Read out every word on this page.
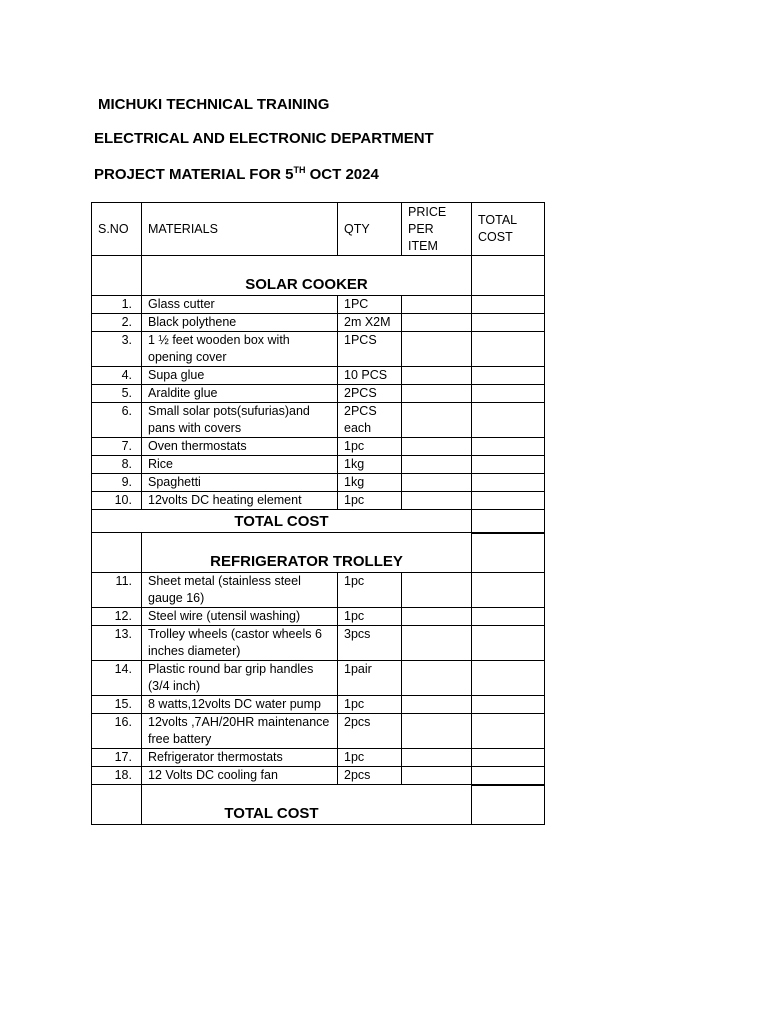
MICHUKI TECHNICAL TRAINING
ELECTRICAL AND ELECTRONIC DEPARTMENT
PROJECT MATERIAL FOR 5TH OCT 2024
S.NO	MATERIALS	QTY	PRICE PER ITEM	TOTAL COST
	SOLAR COOKER			
1.	Glass cutter	1PC		
2.	Black polythene	2m X2M		
3.	1 ½ feet wooden box with opening cover	1PCS		
4.	Supa glue	10 PCS		
5.	Araldite glue	2PCS		
6.	Small solar pots(sufurias)and pans with covers	2PCS each		
7.	Oven thermostats	1pc		
8.	Rice	1kg		
9.	Spaghetti	1kg		
10.	12volts DC heating element	1pc		
TOTAL COST				
	REFRIGERATOR TROLLEY			

11.	Sheet metal (stainless steel gauge 16)	1pc		
12.	Steel wire (utensil washing)	1pc		
13.	Trolley wheels (castor wheels 6 inches diameter)	3pcs		
14.	Plastic round bar grip handles (3/4 inch)	1pair		
15.	8 watts,12volts DC water pump	1pc		
16.	12volts ,7AH/20HR maintenance free battery	2pcs		
17.	Refrigerator thermostats	1pc		
18.	12 Volts DC cooling fan	2pcs		
	TOTAL COST			
